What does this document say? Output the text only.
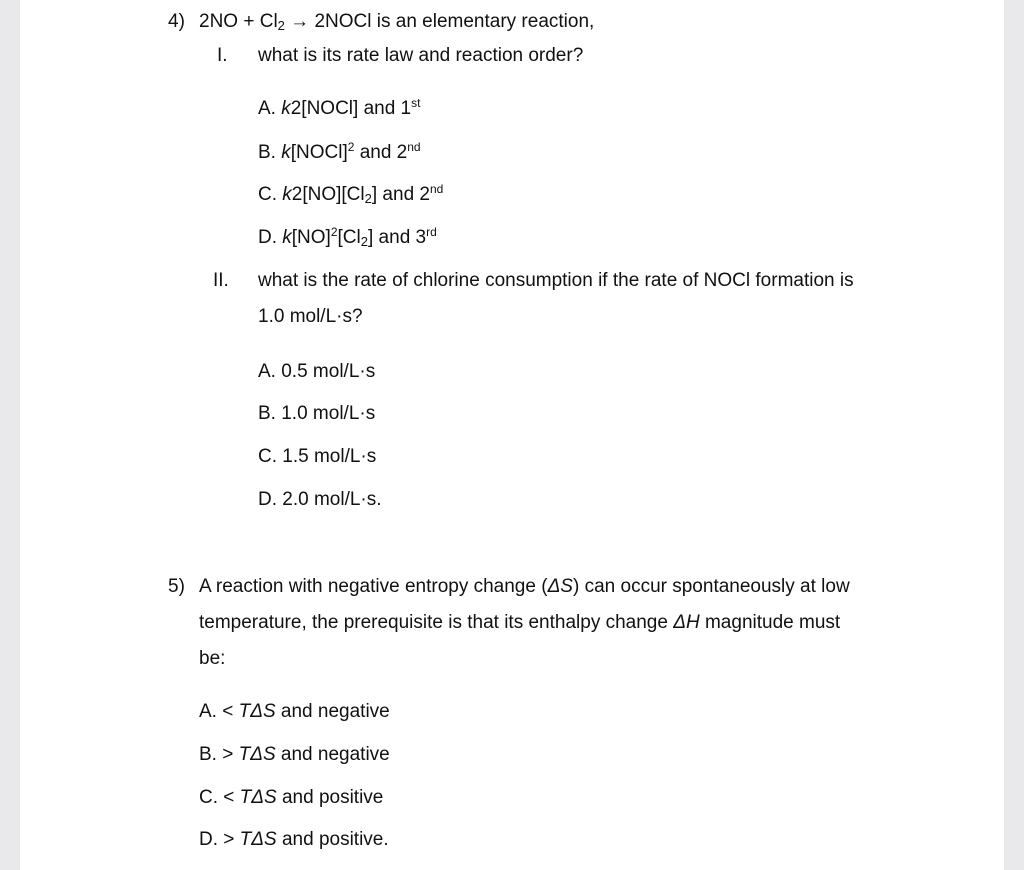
4) $2NO + Cl_2$ → 2NOCl is an elementary reaction,
I. what is its rate law and reaction order?
A. k2[NOCl] and 1st
B. k[NOCl]$^2$ and 2nd
C. $k2[NO][Cl_2]$ and 2nd
D. $k[NO]^2[Cl_2]$ and 3rd
II. what is the rate of chlorine consumption if the rate of NOCl formation is
1.0 mol/L·s?
A. 0.5 mol/L·s
B. 1.0 mol/L·s
C. 1.5 mol/L·s
D. 2.0 mol/L·s.
5) A reaction with negative entropy change (ΔS) can occur spontaneously at low
temperature, the prerequisite is that its enthalpy change ΔH magnitude must
be:
A. < TΔS and negative
B. > TΔS and negative
C. < TΔS and positive
D. > TΔS and positive.
